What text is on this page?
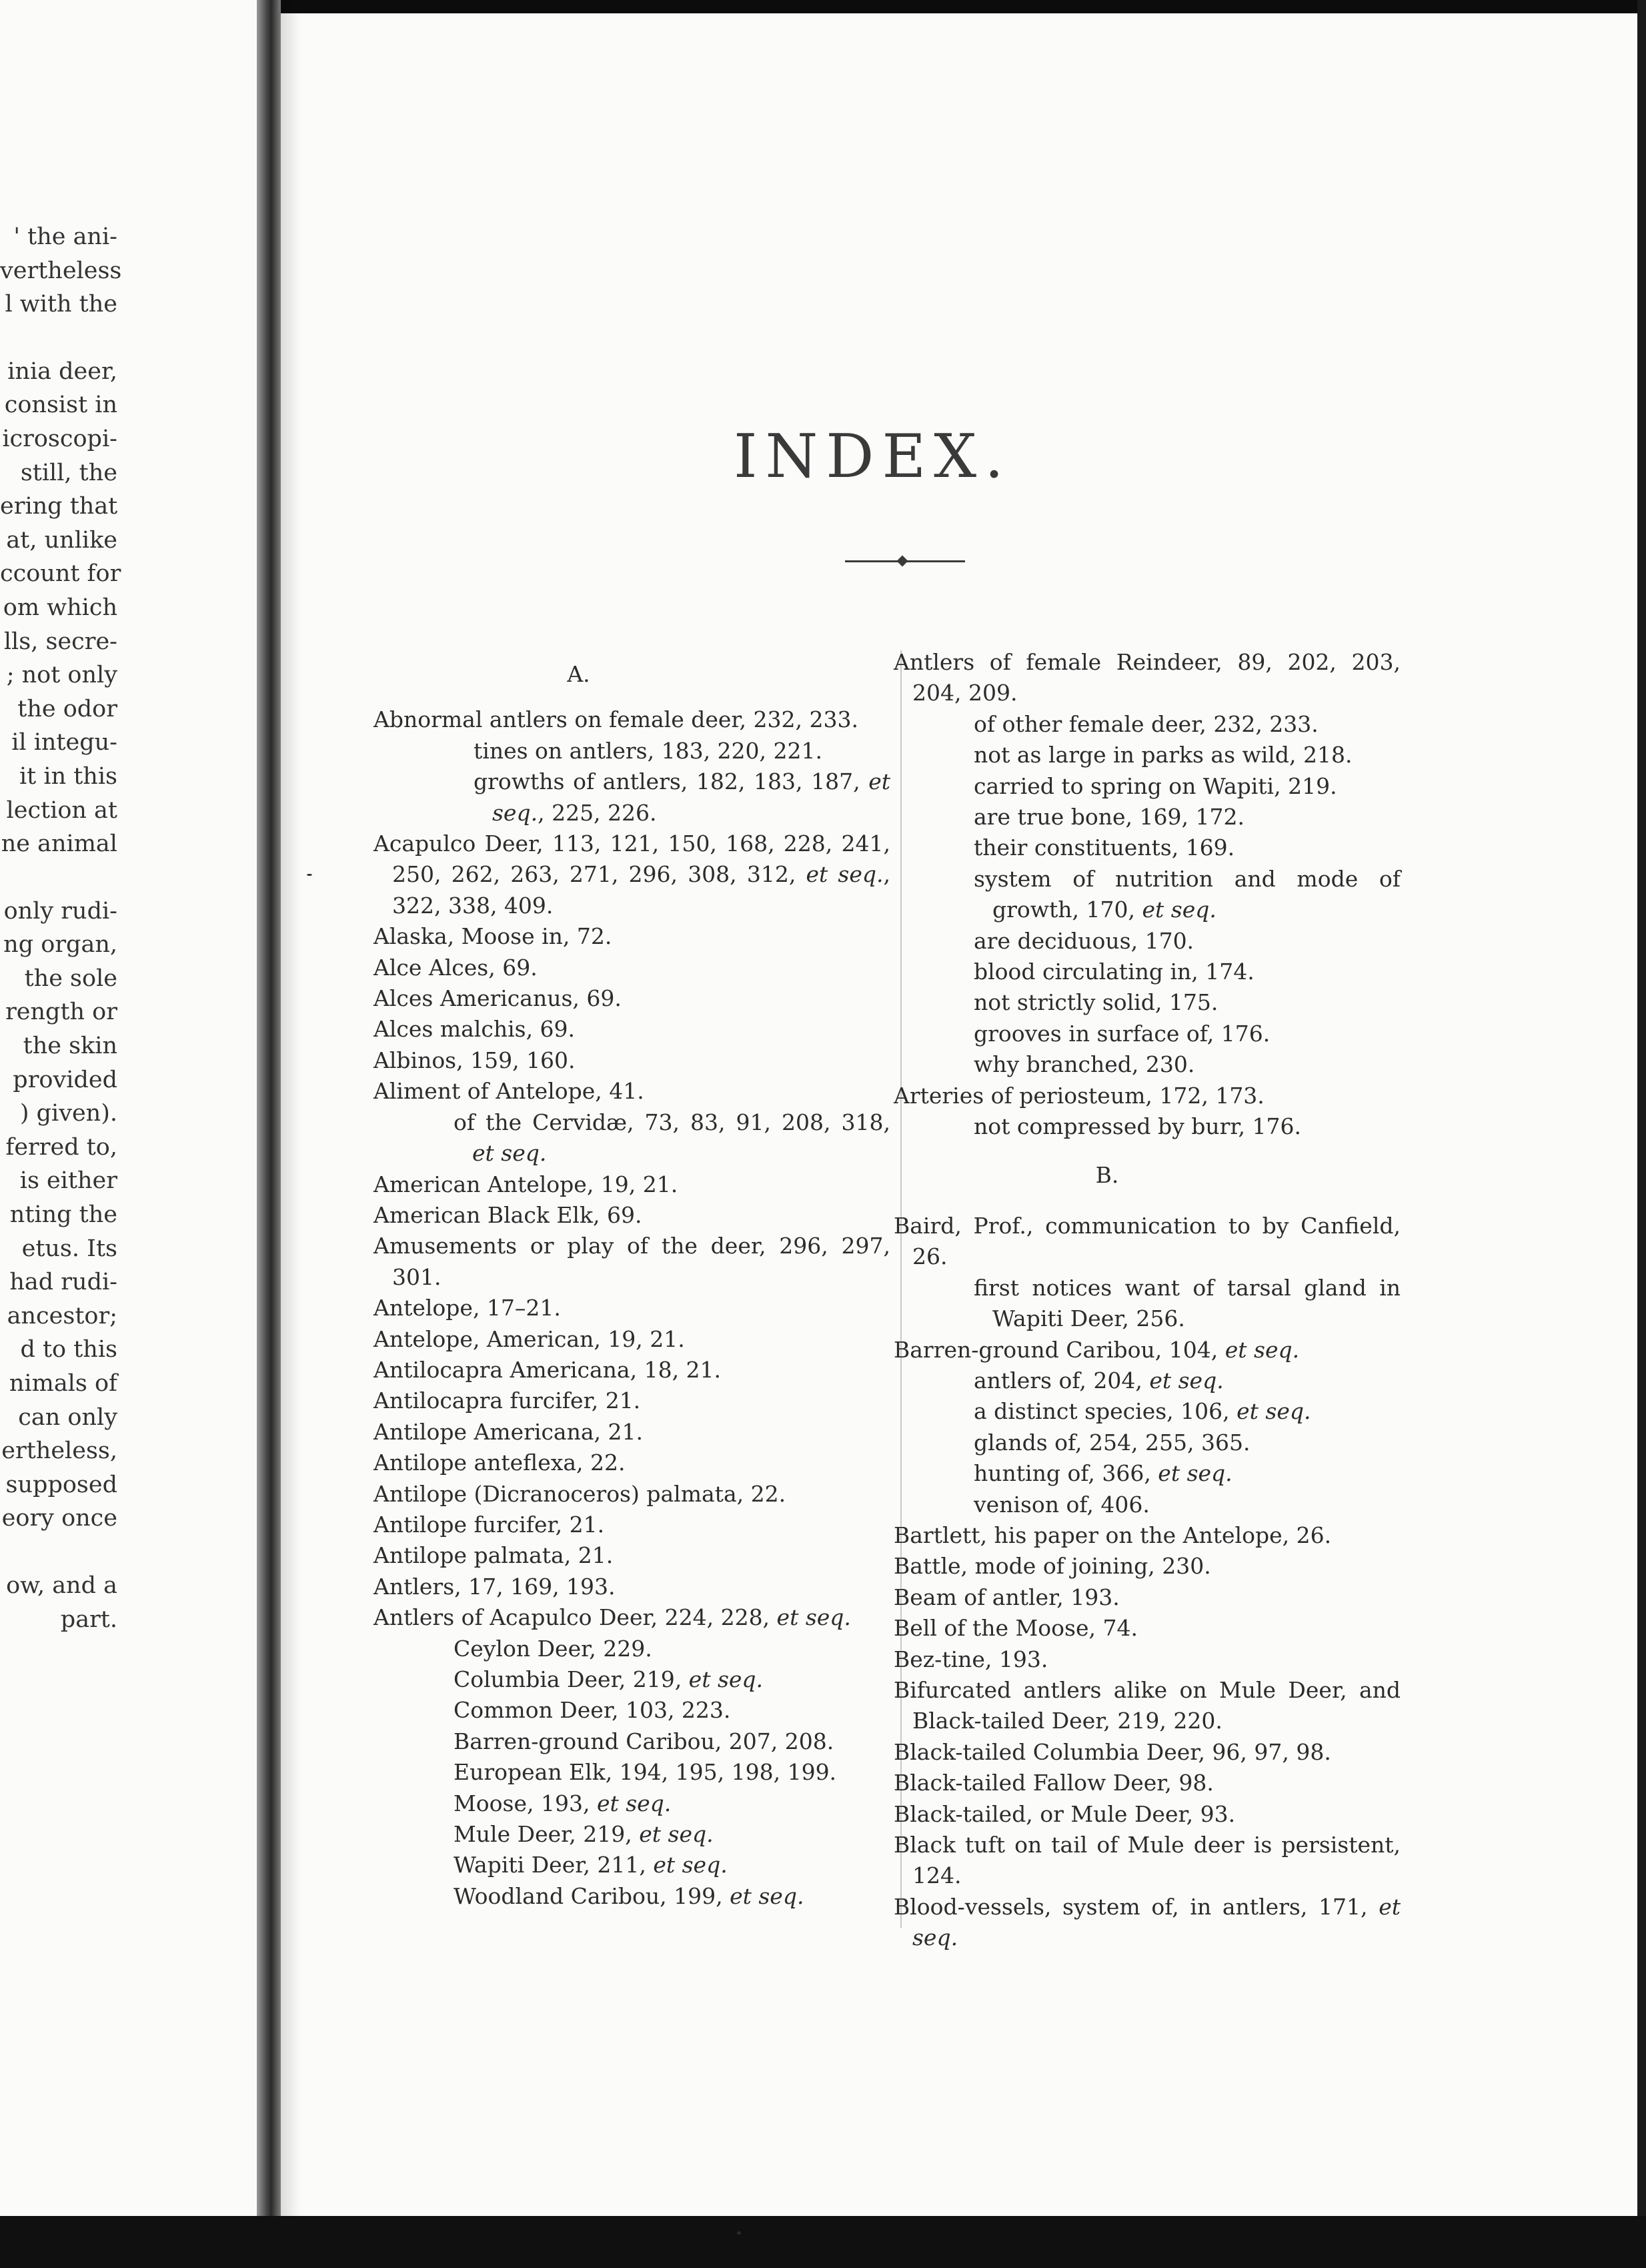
' the ani-
vertheless
l with the
inia deer,
consist in
icroscopi-
still, the
ering that
at, unlike
ccount for
om which
lls, secre-
; not only
the odor
il integu-
it in this
lection at
ne animal
only rudi-
ng organ,
the sole
rength or
the skin
provided
) given).
ferred to,
is either
nting the
etus. Its
had rudi-
ancestor;
d to this
nimals of
can only
ertheless,
supposed
eory once
ow, and a
part.
INDEX.
A.
Abnormal antlers on female deer, 232, 233.
tines on antlers, 183, 220, 221.
growths of antlers, 182, 183, 187, et seq., 225, 226.
Acapulco Deer, 113, 121, 150, 168, 228, 241, 250, 262, 263, 271, 296, 308, 312, et seq., 322, 338, 409.
Alaska, Moose in, 72.
Alce Alces, 69.
Alces Americanus, 69.
Alces malchis, 69.
Albinos, 159, 160.
Aliment of Antelope, 41.
of the Cervidæ, 73, 83, 91, 208, 318, et seq.
American Antelope, 19, 21.
American Black Elk, 69.
Amusements or play of the deer, 296, 297, 301.
Antelope, 17–21.
Antelope, American, 19, 21.
Antilocapra Americana, 18, 21.
Antilocapra furcifer, 21.
Antilope Americana, 21.
Antilope anteflexa, 22.
Antilope (Dicranoceros) palmata, 22.
Antilope furcifer, 21.
Antilope palmata, 21.
Antlers, 17, 169, 193.
Antlers of Acapulco Deer, 224, 228, et seq.
Ceylon Deer, 229.
Columbia Deer, 219, et seq.
Common Deer, 103, 223.
Barren-ground Caribou, 207, 208.
European Elk, 194, 195, 198, 199.
Moose, 193, et seq.
Mule Deer, 219, et seq.
Wapiti Deer, 211, et seq.
Woodland Caribou, 199, et seq.
Antlers of female Reindeer, 89, 202, 203, 204, 209.
of other female deer, 232, 233.
not as large in parks as wild, 218.
carried to spring on Wapiti, 219.
are true bone, 169, 172.
their constituents, 169.
system of nutrition and mode of growth, 170, et seq.
are deciduous, 170.
blood circulating in, 174.
not strictly solid, 175.
grooves in surface of, 176.
why branched, 230.
Arteries of periosteum, 172, 173.
not compressed by burr, 176.
B.
Baird, Prof., communication to by Canfield, 26.
first notices want of tarsal gland in Wapiti Deer, 256.
Barren-ground Caribou, 104, et seq.
antlers of, 204, et seq.
a distinct species, 106, et seq.
glands of, 254, 255, 365.
hunting of, 366, et seq.
venison of, 406.
Bartlett, his paper on the Antelope, 26.
Battle, mode of joining, 230.
Beam of antler, 193.
Bell of the Moose, 74.
Bez-tine, 193.
Bifurcated antlers alike on Mule Deer, and Black-tailed Deer, 219, 220.
Black-tailed Columbia Deer, 96, 97, 98.
Black-tailed Fallow Deer, 98.
Black-tailed, or Mule Deer, 93.
Black tuft on tail of Mule deer is persistent, 124.
Blood-vessels, system of, in antlers, 171, et seq.
